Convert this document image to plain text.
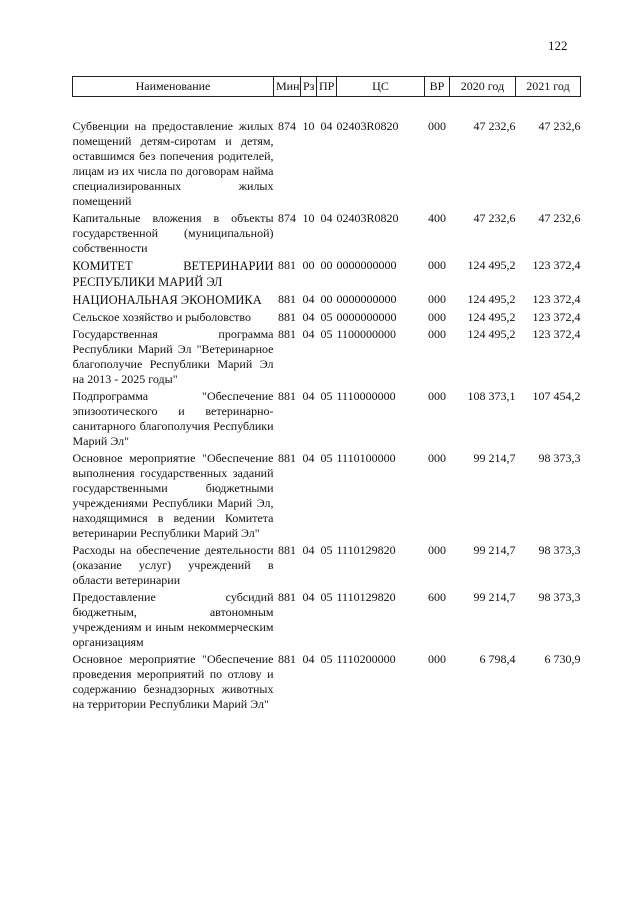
122
Наименование	Мин	Рз	ПР	ЦС	ВР	2020 год	2021 год
Субвенции на предоставление жилых помещений детям-сиротам и детям, оставшимся без попечения родителей, лицам из их числа по договорам найма специализированных жилых помещений	874	10	04	02403R0820	000	47 232,6	47 232,6
Капитальные вложения в объекты государственной (муниципальной) собственности	874	10	04	02403R0820	400	47 232,6	47 232,6
КОМИТЕТ ВЕТЕРИНАРИИ РЕСПУБЛИКИ МАРИЙ ЭЛ	881	00	00	0000000000	000	124 495,2	123 372,4
НАЦИОНАЛЬНАЯ ЭКОНОМИКА	881	04	00	0000000000	000	124 495,2	123 372,4
Сельское хозяйство и рыболовство	881	04	05	0000000000	000	124 495,2	123 372,4
Государственная программа Республики Марий Эл "Ветеринарное благополучие Республики Марий Эл на 2013 - 2025 годы"	881	04	05	1100000000	000	124 495,2	123 372,4
Подпрограмма "Обеспечение эпизоотического и ветеринарно-санитарного благополучия Республики Марий Эл"	881	04	05	1110000000	000	108 373,1	107 454,2
Основное мероприятие "Обеспечение выполнения государственных заданий государственными бюджетными учреждениями Республики Марий Эл, находящимися в ведении Комитета ветеринарии Республики Марий Эл"	881	04	05	1110100000	000	99 214,7	98 373,3
Расходы на обеспечение деятельности (оказание услуг) учреждений в области ветеринарии	881	04	05	1110129820	000	99 214,7	98 373,3
Предоставление субсидий бюджетным, автономным учреждениям и иным некоммерческим организациям	881	04	05	1110129820	600	99 214,7	98 373,3
Основное мероприятие "Обеспечение проведения мероприятий по отлову и содержанию безнадзорных животных на территории Республики Марий Эл"	881	04	05	1110200000	000	6 798,4	6 730,9
